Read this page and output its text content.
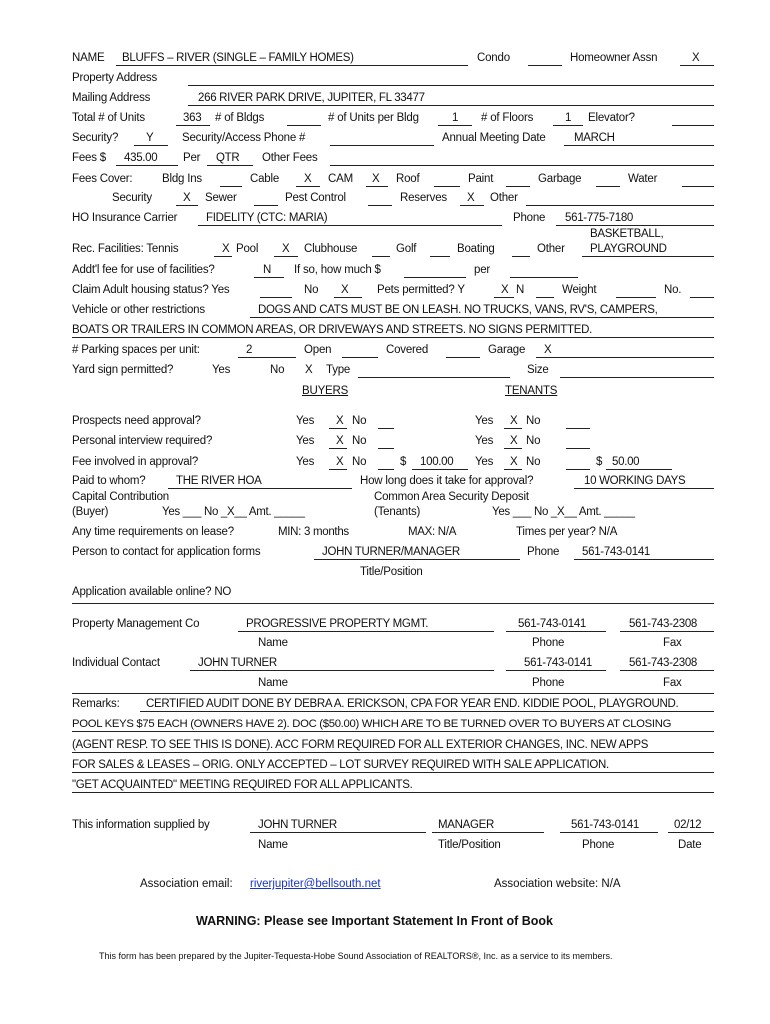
NAME BLUFFS – RIVER (SINGLE – FAMILY HOMES)	Condo	Homeowner Assn	X
Property Address
Mailing Address	266 RIVER PARK DRIVE, JUPITER, FL 33477
Total # of Units	363 # of Bldgs	# of Units per Bldg	1 # of Floors	1 Elevator?
Security? Y Security/Access Phone #	Annual Meeting Date MARCH
Fees $ 435.00 Per QTR Other Fees
Fees Cover:	Bldg Ins	Cable X CAM X Roof	Paint	Garbage	Water
Security	X Sewer	Pest Control	Reserves X Other
HO Insurance Carrier FIDELITY (CTC: MARIA)	Phone 561-775-7180
BASKETBALL,
Rec. Facilities: Tennis	X Pool X Clubhouse	Golf	Boating	Other PLAYGROUND
Addt'l fee for use of facilities?	N If so, how much $	per
Claim Adult housing status? Yes	No X Pets permitted? Y	X N	Weight	No.
Vehicle or other restrictions	DOGS AND CATS MUST BE ON LEASH. NO TRUCKS, VANS, RV'S, CAMPERS,
BOATS OR TRAILERS IN COMMON AREAS, OR DRIVEWAYS AND STREETS. NO SIGNS PERMITTED.
# Parking spaces per unit:	2	Open	Covered	Garage X
Yard sign permitted?	Yes	No X Type	Size
BUYERS	TENANTS
Prospects need approval?	Yes X No	Yes X No
Personal interview required?	Yes X No	Yes X No
Fee involved in approval?	Yes X No	$ 100.00 Yes X No	$ 50.00
Paid to whom?	THE RIVER HOA	How long does it take for approval?	10 WORKING DAYS
Capital Contribution	Common Area Security Deposit
(Buyer)	Yes ___ No _X__ Amt. _____	(Tenants)	Yes ___ No _X__ Amt. _____
Any time requirements on lease?	MIN: 3 months	MAX: N/A	Times per year? N/A
Person to contact for application forms	JOHN TURNER/MANAGER	Phone 561-743-0141
Title/Position
Application available online? NO
Property Management Co	PROGRESSIVE PROPERTY MGMT.	561-743-0141	561-743-2308
Name	Phone	Fax
Individual Contact	JOHN TURNER	561-743-0141	561-743-2308
Name	Phone	Fax
Remarks: CERTIFIED AUDIT DONE BY DEBRA A. ERICKSON, CPA FOR YEAR END. KIDDIE POOL, PLAYGROUND.
POOL KEYS $75 EACH (OWNERS HAVE 2). DOC ($50.00) WHICH ARE TO BE TURNED OVER TO BUYERS AT CLOSING
(AGENT RESP. TO SEE THIS IS DONE). ACC FORM REQUIRED FOR ALL EXTERIOR CHANGES, INC. NEW APPS
FOR SALES & LEASES – ORIG. ONLY ACCEPTED – LOT SURVEY REQUIRED WITH SALE APPLICATION.
"GET ACQUAINTED" MEETING REQUIRED FOR ALL APPLICANTS.
This information supplied by	JOHN TURNER	MANAGER	561-743-0141	02/12
Name	Title/Position	Phone	Date
Association email: riverjupiter@bellsouth.net	Association website: N/A
WARNING: Please see Important Statement In Front of Book
This form has been prepared by the Jupiter-Tequesta-Hobe Sound Association of REALTORS®, Inc. as a service to its members.
